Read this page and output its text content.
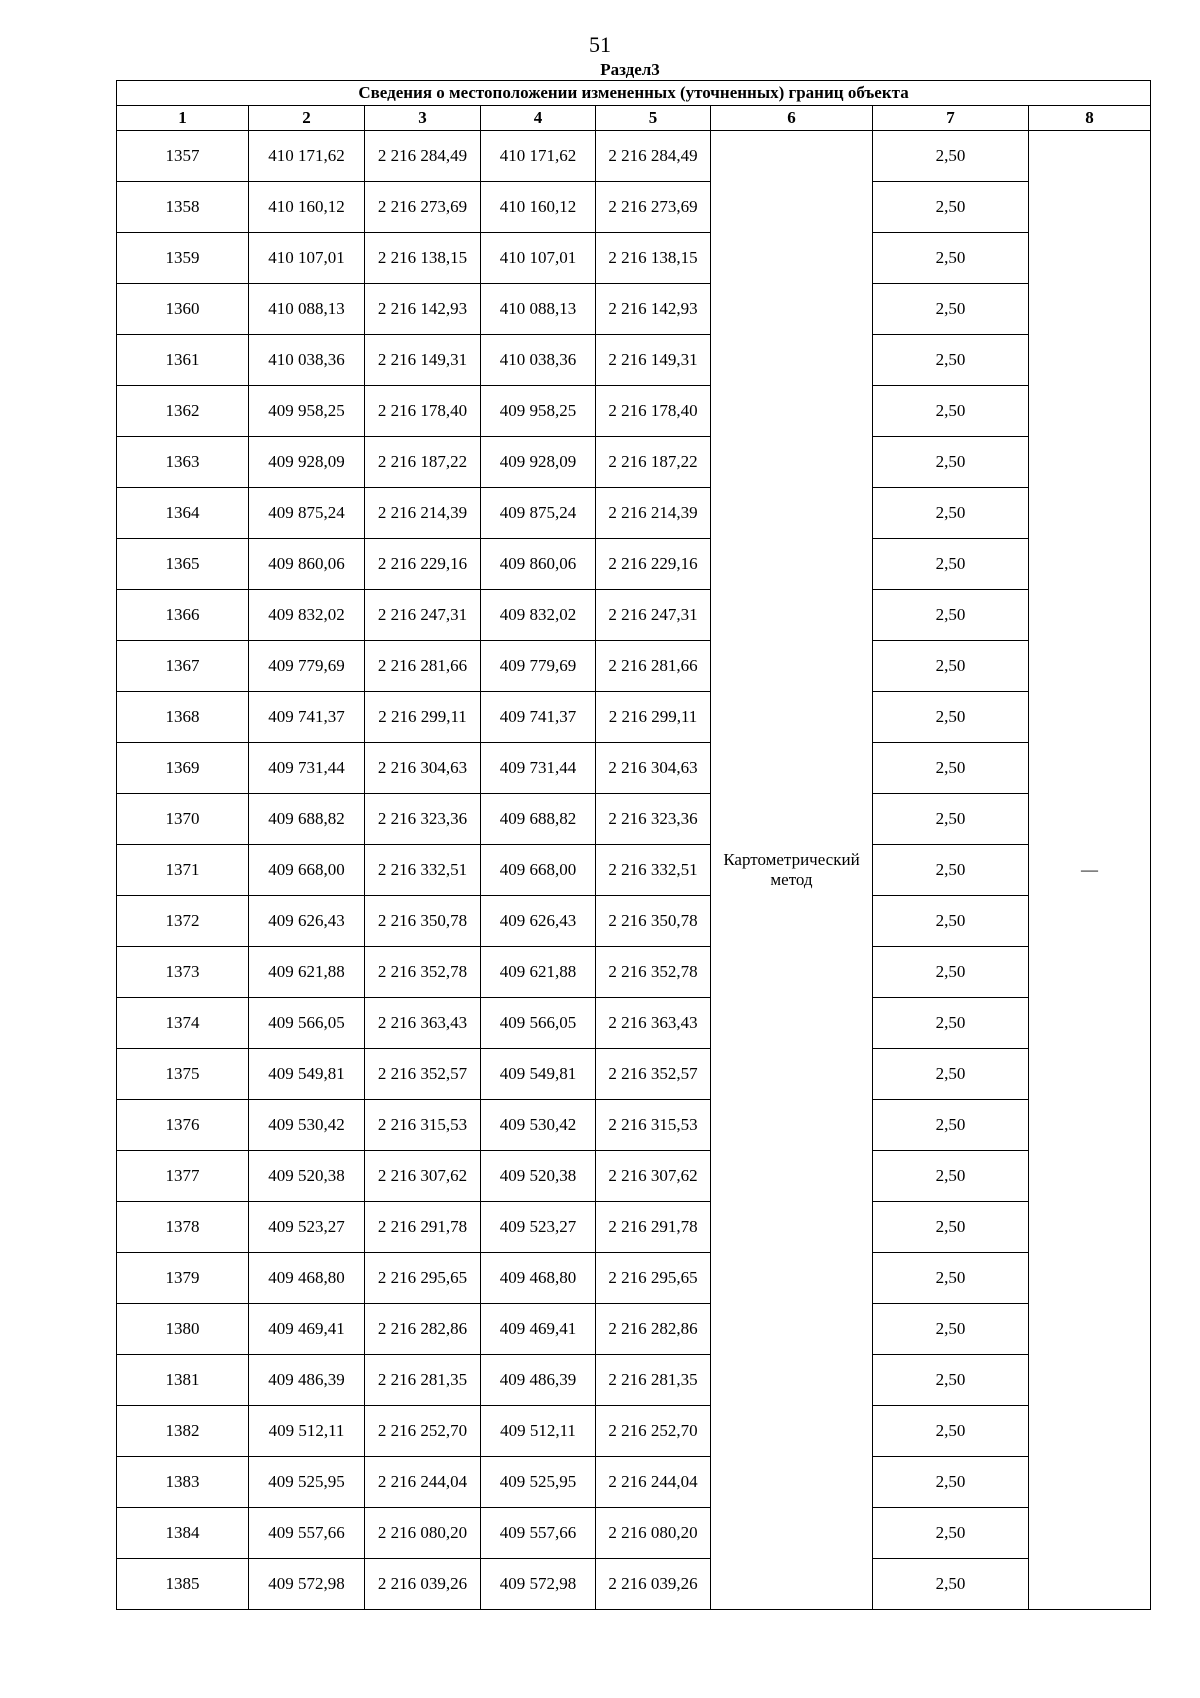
51
Раздел3
Сведения о местоположении измененных (уточненных) границ объекта							
1	2	3	4	5	6	7	8
1357	410 171,62	2 216 284,49	410 171,62	2 216 284,49	Картометрический метод	2,50	—
1358	410 160,12	2 216 273,69	410 160,12	2 216 273,69		2,50	
1359	410 107,01	2 216 138,15	410 107,01	2 216 138,15		2,50	
1360	410 088,13	2 216 142,93	410 088,13	2 216 142,93		2,50	
1361	410 038,36	2 216 149,31	410 038,36	2 216 149,31		2,50	
1362	409 958,25	2 216 178,40	409 958,25	2 216 178,40		2,50	
1363	409 928,09	2 216 187,22	409 928,09	2 216 187,22		2,50	
1364	409 875,24	2 216 214,39	409 875,24	2 216 214,39		2,50	
1365	409 860,06	2 216 229,16	409 860,06	2 216 229,16		2,50	
1366	409 832,02	2 216 247,31	409 832,02	2 216 247,31		2,50	
1367	409 779,69	2 216 281,66	409 779,69	2 216 281,66		2,50	
1368	409 741,37	2 216 299,11	409 741,37	2 216 299,11		2,50	
1369	409 731,44	2 216 304,63	409 731,44	2 216 304,63		2,50	
1370	409 688,82	2 216 323,36	409 688,82	2 216 323,36		2,50	
1371	409 668,00	2 216 332,51	409 668,00	2 216 332,51		2,50	
1372	409 626,43	2 216 350,78	409 626,43	2 216 350,78		2,50	
1373	409 621,88	2 216 352,78	409 621,88	2 216 352,78		2,50	
1374	409 566,05	2 216 363,43	409 566,05	2 216 363,43		2,50	
1375	409 549,81	2 216 352,57	409 549,81	2 216 352,57		2,50	
1376	409 530,42	2 216 315,53	409 530,42	2 216 315,53		2,50	
1377	409 520,38	2 216 307,62	409 520,38	2 216 307,62		2,50	
1378	409 523,27	2 216 291,78	409 523,27	2 216 291,78		2,50	
1379	409 468,80	2 216 295,65	409 468,80	2 216 295,65		2,50	
1380	409 469,41	2 216 282,86	409 469,41	2 216 282,86		2,50	
1381	409 486,39	2 216 281,35	409 486,39	2 216 281,35		2,50	
1382	409 512,11	2 216 252,70	409 512,11	2 216 252,70		2,50	
1383	409 525,95	2 216 244,04	409 525,95	2 216 244,04		2,50	
1384	409 557,66	2 216 080,20	409 557,66	2 216 080,20		2,50	
1385	409 572,98	2 216 039,26	409 572,98	2 216 039,26		2,50	
